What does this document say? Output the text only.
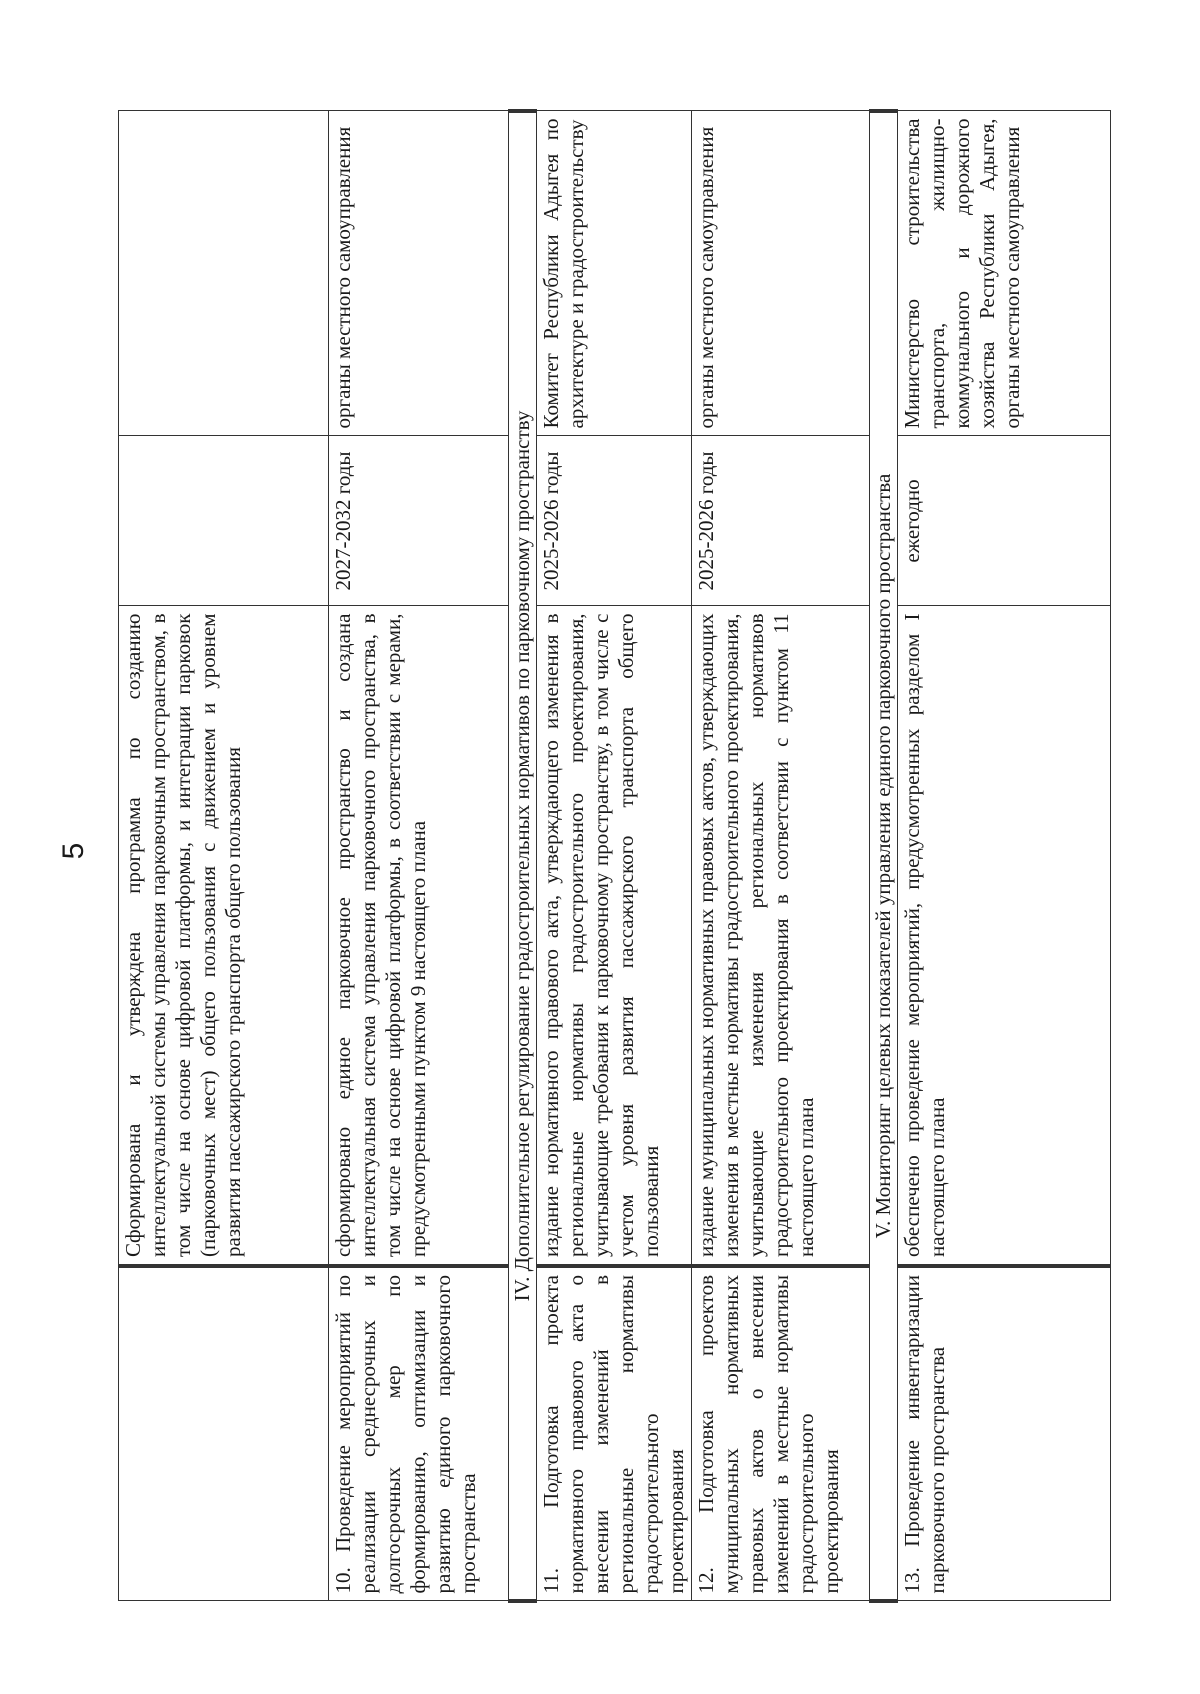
5
	Сформирована и утверждена программа по созданию интеллектуальной системы управления парковочным пространством, в том числе на основе цифровой платформы, и интеграции парковок (парковочных мест) общего пользования с движением и уровнем развития пассажирского транспорта общего пользования		
10. Проведение мероприятий по реализации среднесрочных и долгосрочных мер по формированию, оптимизации и развитию единого парковочного пространства	сформировано единое парковочное пространство и создана интеллектуальная система управления парковочного пространства, в том числе на основе цифровой платформы, в соответствии с мерами, предусмотренными пунктом 9 настоящего плана	2027-2032 годы	органы местного самоуправления
IV. Дополнительное регулирование градостроительных нормативов по парковочному пространству			
11. Подготовка проекта нормативного правового акта о внесении изменений в региональные нормативы градостроительного проектирования	издание нормативного правового акта, утверждающего изменения в региональные нормативы градостроительного проектирования, учитывающие требования к парковочному пространству, в том числе с учетом уровня развития пассажирского транспорта общего пользования	2025-2026 годы	Комитет Республики Адыгея по архитектуре и градостроительству
12. Подготовка проектов муниципальных нормативных правовых актов о внесении изменений в местные нормативы градостроительного проектирования	издание муниципальных нормативных правовых актов, утверждающих изменения в местные нормативы градостроительного проектирования, учитывающие изменения региональных нормативов градостроительного проектирования в соответствии с пунктом 11 настоящего плана	2025-2026 годы	органы местного самоуправления
V. Мониторинг целевых показателей управления единого парковочного пространства			
13. Проведение инвентаризации парковочного пространства	обеспечено проведение мероприятий, предусмотренных разделом I настоящего плана	ежегодно	Министерство строительства транспорта, жилищно-коммунального и дорожного хозяйства Республики Адыгея, органы местного самоуправления
